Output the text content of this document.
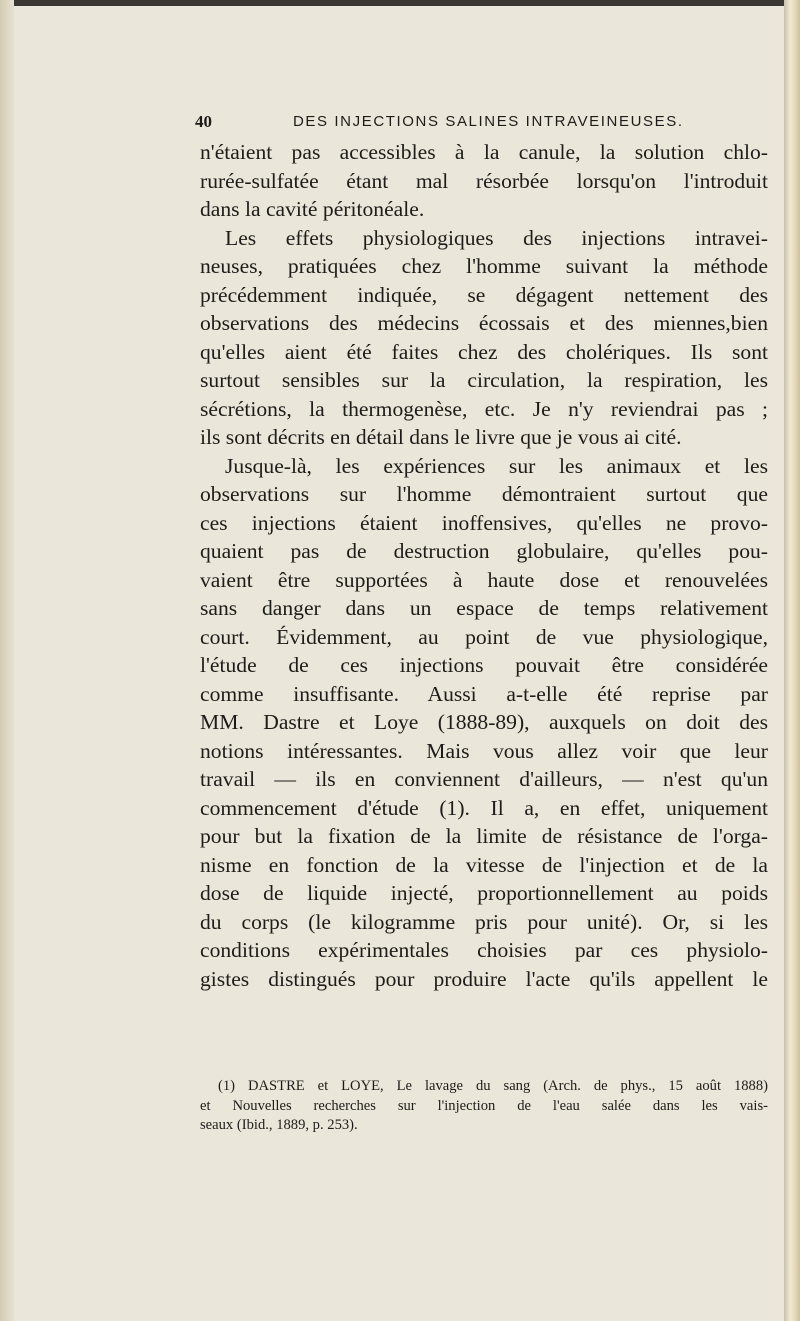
40	DES INJECTIONS SALINES INTRAVEINEUSES.
n'étaient pas accessibles à la canule, la solution chlo-
rurée-sulfatée étant mal résorbée lorsqu'on l'introduit
dans la cavité péritonéale.
Les effets physiologiques des injections intravei-
neuses, pratiquées chez l'homme suivant la méthode
précédemment indiquée, se dégagent nettement des
observations des médecins écossais et des miennes,bien
qu'elles aient été faites chez des cholériques. Ils sont
surtout sensibles sur la circulation, la respiration, les
sécrétions, la thermogenèse, etc. Je n'y reviendrai pas ;
ils sont décrits en détail dans le livre que je vous ai cité.
Jusque-là, les expériences sur les animaux et les
observations sur l'homme démontraient surtout que
ces injections étaient inoffensives, qu'elles ne provo-
quaient pas de destruction globulaire, qu'elles pou-
vaient être supportées à haute dose et renouvelées
sans danger dans un espace de temps relativement
court. Évidemment, au point de vue physiologique,
l'étude de ces injections pouvait être considérée
comme insuffisante. Aussi a-t-elle été reprise par
MM. Dastre et Loye (1888-89), auxquels on doit des
notions intéressantes. Mais vous allez voir que leur
travail — ils en conviennent d'ailleurs, — n'est qu'un
commencement d'étude (1). Il a, en effet, uniquement
pour but la fixation de la limite de résistance de l'orga-
nisme en fonction de la vitesse de l'injection et de la
dose de liquide injecté, proportionnellement au poids
du corps (le kilogramme pris pour unité). Or, si les
conditions expérimentales choisies par ces physiolo-
gistes distingués pour produire l'acte qu'ils appellent le
(1) DASTRE et LOYE, Le lavage du sang (Arch. de phys., 15 août 1888)
et Nouvelles recherches sur l'injection de l'eau salée dans les vais-
seaux (Ibid., 1889, p. 253).
